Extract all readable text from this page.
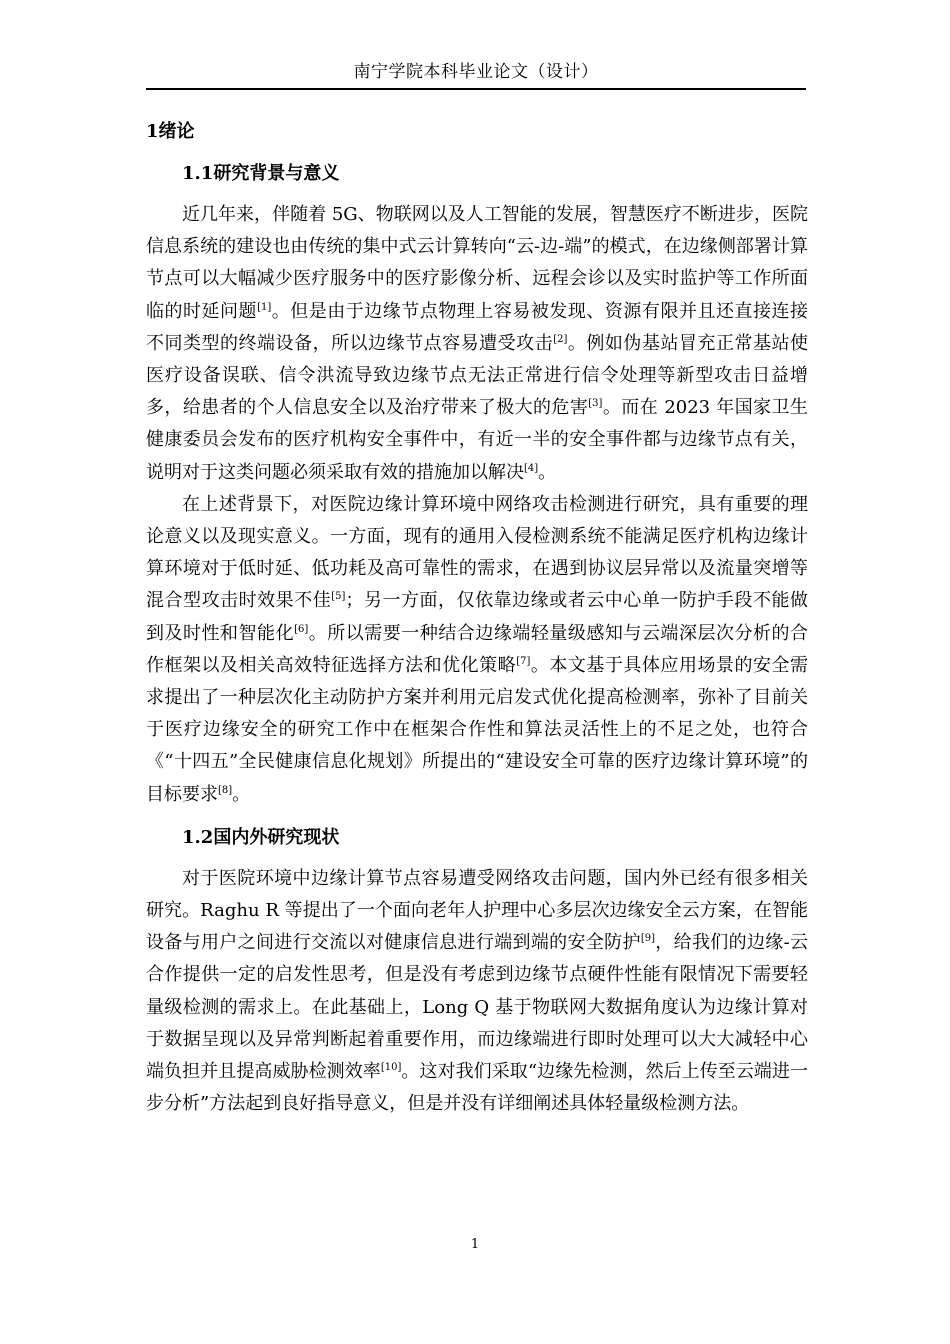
南宁学院本科毕业论文（设计）
1绪论
1.1研究背景与意义

近几年来，伴随着 5G、物联网以及人工智能的发展，智慧医疗不断进步，医院信息系统的建设也由传统的集中式云计算转向“云-边-端”的模式，在边缘侧部署计算节点可以大幅减少医疗服务中的医疗影像分析、远程会诊以及实时监护等工作所面临的时延问题[1]。但是由于边缘节点物理上容易被发现、资源有限并且还直接连接不同类型的终端设备，所以边缘节点容易遭受攻击[2]。例如伪基站冒充正常基站使医疗设备误联、信令洪流导致边缘节点无法正常进行信令处理等新型攻击日益增多，给患者的个人信息安全以及治疗带来了极大的危害[3]。而在 2023 年国家卫生健康委员会发布的医疗机构安全事件中，有近一半的安全事件都与边缘节点有关，说明对于这类问题必须采取有效的措施加以解决[4]。

在上述背景下，对医院边缘计算环境中网络攻击检测进行研究，具有重要的理论意义以及现实意义。一方面，现有的通用入侵检测系统不能满足医疗机构边缘计算环境对于低时延、低功耗及高可靠性的需求，在遇到协议层异常以及流量突增等混合型攻击时效果不佳[5]；另一方面，仅依靠边缘或者云中心单一防护手段不能做到及时性和智能化[6]。所以需要一种结合边缘端轻量级感知与云端深层次分析的合作框架以及相关高效特征选择方法和优化策略[7]。本文基于具体应用场景的安全需求提出了一种层次化主动防护方案并利用元启发式优化提高检测率，弥补了目前关于医疗边缘安全的研究工作中在框架合作性和算法灵活性上的不足之处，也符合《“十四五”全民健康信息化规划》所提出的“建设安全可靠的医疗边缘计算环境”的目标要求[8]。

1.2国内外研究现状

对于医院环境中边缘计算节点容易遭受网络攻击问题，国内外已经有很多相关研究。Raghu R 等提出了一个面向老年人护理中心多层次边缘安全云方案，在智能设备与用户之间进行交流以对健康信息进行端到端的安全防护[9]，给我们的边缘-云合作提供一定的启发性思考，但是没有考虑到边缘节点硬件性能有限情况下需要轻量级检测的需求上。在此基础上，Long Q 基于物联网大数据角度认为边缘计算对于数据呈现以及异常判断起着重要作用，而边缘端进行即时处理可以大大减轻中心端负担并且提高威胁检测效率[10]。这对我们采取“边缘先检测，然后上传至云端进一步分析”方法起到良好指导意义，但是并没有详细阐述具体轻量级检测方法。

1
